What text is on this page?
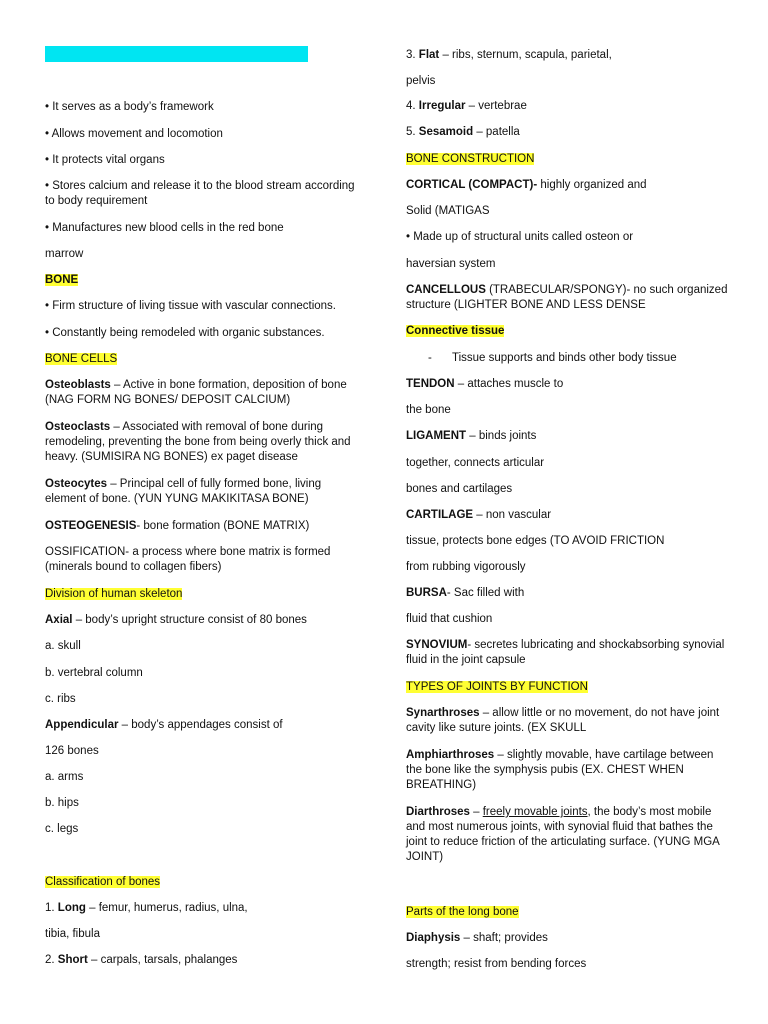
• It serves as a body’s framework
• Allows movement and locomotion
• It protects vital organs
• Stores calcium and release it to the blood stream according to body requirement
• Manufactures new blood cells in the red bone
marrow
BONE
• Firm structure of living tissue with vascular connections.
• Constantly being remodeled with organic substances.
BONE CELLS
Osteoblasts – Active in bone formation, deposition of bone (NAG FORM NG BONES/ DEPOSIT CALCIUM)
Osteoclasts – Associated with removal of bone during remodeling, preventing the bone from being overly thick and heavy. (SUMISIRA NG BONES) ex paget disease
Osteocytes – Principal cell of fully formed bone, living element of bone. (YUN YUNG MAKIKITASA BONE)
OSTEOGENESIS- bone formation (BONE MATRIX)
OSSIFICATION- a process where bone matrix is formed (minerals bound to collagen fibers)
Division of human skeleton
Axial – body’s upright structure consist of 80 bones
a. skull
b. vertebral column
c. ribs
Appendicular – body’s appendages consist of
126 bones
a. arms
b. hips
c. legs
Classification of bones
1. Long – femur, humerus, radius, ulna,
tibia, fibula
2. Short – carpals, tarsals, phalanges
3. Flat – ribs, sternum, scapula, parietal,
pelvis
4. Irregular – vertebrae
5. Sesamoid – patella
BONE CONSTRUCTION
CORTICAL (COMPACT)- highly organized and
Solid (MATIGAS
• Made up of structural units called osteon or
haversian system
CANCELLOUS (TRABECULAR/SPONGY)- no such organized structure (LIGHTER BONE AND LESS DENSE
Connective tissue
- Tissue supports and binds other body tissue
TENDON – attaches muscle to
the bone
LIGAMENT – binds joints
together, connects articular
bones and cartilages
CARTILAGE – non vascular
tissue, protects bone edges (TO AVOID FRICTION
from rubbing vigorously
BURSA- Sac filled with
fluid that cushion
SYNOVIUM- secretes lubricating and shockabsorbing synovial fluid in the joint capsule
TYPES OF JOINTS BY FUNCTION
Synarthroses – allow little or no movement, do not have joint cavity like suture joints. (EX SKULL
Amphiarthroses – slightly movable, have cartilage between the bone like the symphysis pubis (EX. CHEST WHEN BREATHING)
Diarthroses – freely movable joints, the body’s most mobile and most numerous joints, with synovial fluid that bathes the joint to reduce friction of the articulating surface. (YUNG MGA JOINT)
Parts of the long bone
Diaphysis – shaft; provides
strength; resist from bending forces
